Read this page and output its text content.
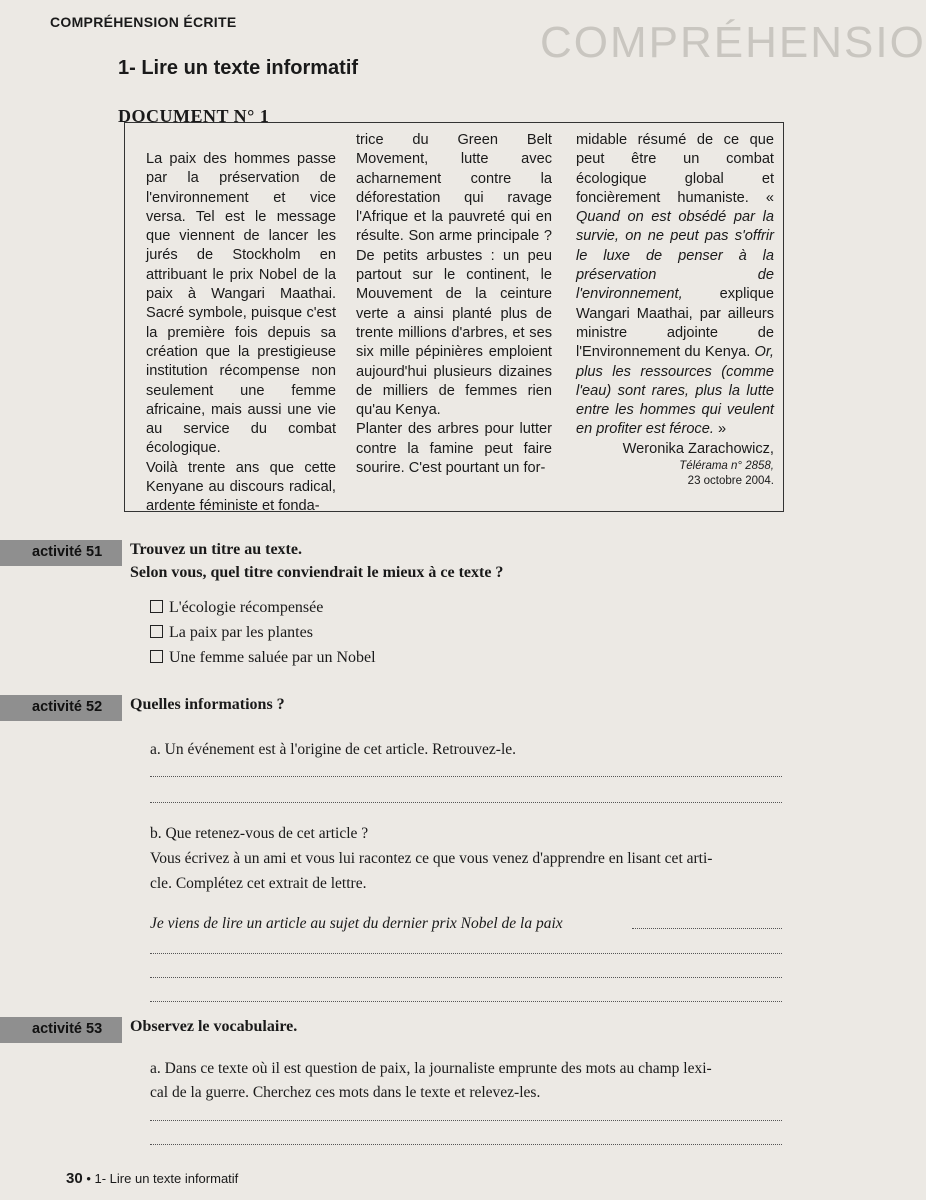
COMPRÉHENSION ÉCRITE	COMPRÉHENSIO
1- Lire un texte informatif
DOCUMENT N° 1

La paix des hommes passe par la préservation de l'environnement et vice versa. Tel est le message que viennent de lancer les jurés de Stockholm en attribuant le prix Nobel de la paix à Wangari Maathai. Sacré symbole, puisque c'est la première fois depuis sa création que la prestigieuse institution récompense non seulement une femme africaine, mais aussi une vie au service du combat écologique.

Voilà trente ans que cette Kenyane au discours radical, ardente féministe et fonda-

trice du Green Belt Movement, lutte avec acharnement contre la déforestation qui ravage l'Afrique et la pauvreté qui en résulte. Son arme principale ? De petits arbustes : un peu partout sur le continent, le Mouvement de la ceinture verte a ainsi planté plus de trente millions d'arbres, et ses six mille pépinières emploient aujourd'hui plusieurs dizaines de milliers de femmes rien qu'au Kenya.

Planter des arbres pour lutter contre la famine peut faire sourire. C'est pourtant un for-

midable résumé de ce que peut être un combat écologique global et foncièrement humaniste. « Quand on est obsédé par la survie, on ne peut pas s'offrir le luxe de penser à la préservation de l'environnement, explique Wangari Maathai, par ailleurs ministre adjointe de l'Environnement du Kenya. Or, plus les ressources (comme l'eau) sont rares, plus la lutte entre les hommes qui veulent en profiter est féroce. »

Weronika Zarachowicz,

Télérama n° 2858,
23 octobre 2004.

activité 51	Trouvez un titre au texte.
Selon vous, quel titre conviendrait le mieux à ce texte ?
L'écologie récompensée
La paix par les plantes
Une femme saluée par un Nobel
activité 52	Quelles informations ?
a. Un événement est à l'origine de cet article. Retrouvez-le.
b. Que retenez-vous de cet article ?
Vous écrivez à un ami et vous lui racontez ce que vous venez d'apprendre en lisant cet arti-
cle. Complétez cet extrait de lettre.
Je viens de lire un article au sujet du dernier prix Nobel de la paix
activité 53	Observez le vocabulaire.
a. Dans ce texte où il est question de paix, la journaliste emprunte des mots au champ lexi-
cal de la guerre. Cherchez ces mots dans le texte et relevez-les.
30 • 1- Lire un texte informatif
